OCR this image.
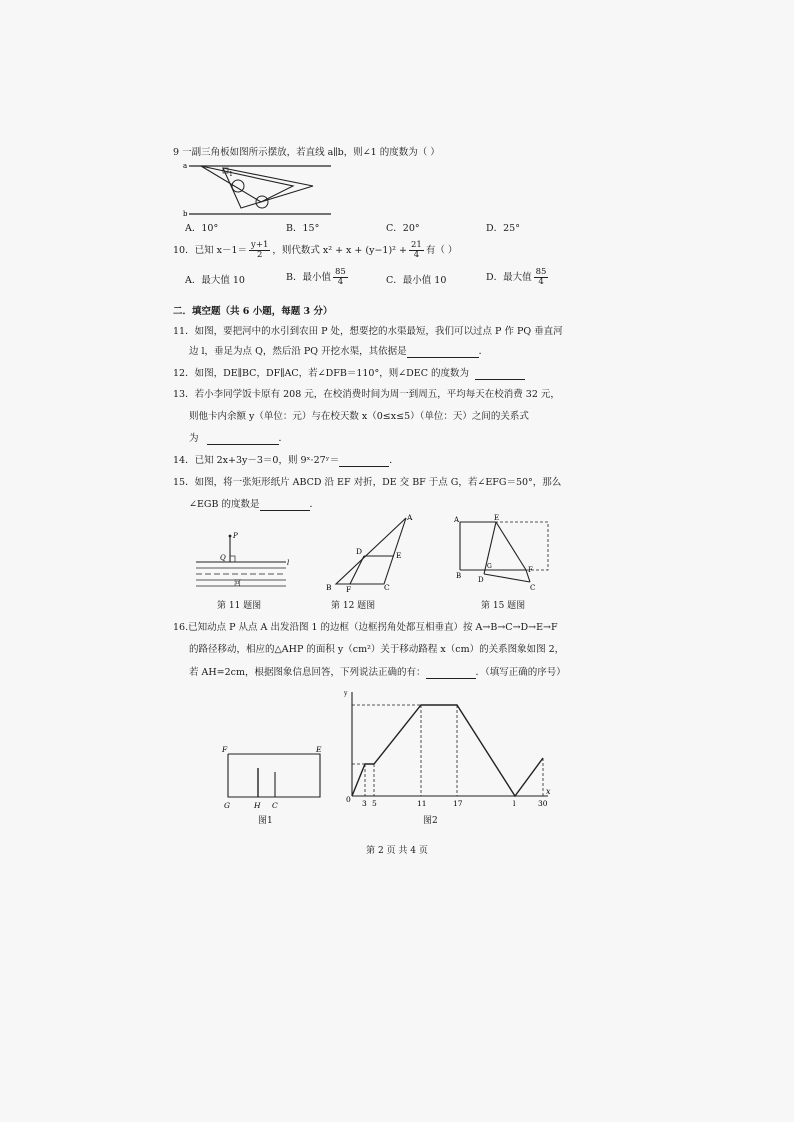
9 一副三角板如图所示摆放，若直线 a∥b，则∠1 的度数为（ ）
a
b
1
A．10°	B．15°	C．20°	D．25°
10．已知 $x-1= \frac{y+1}{2}$ ，则代数式 $x^2 + x + (y-1)^2 + \frac{21}{4}$ 有（ ）
A．最大值 10	B．最小值 $\frac{85}{4}$	C．最小值 10	D．最大值 $\frac{85}{4}$
二．填空题（共 6 小题，每题 3 分）
11．如图，要把河中的水引到农田 P 处，想要挖的水渠最短，我们可以过点 P 作 PQ 垂直河
边 l，垂足为点 Q，然后沿 PQ 开挖水渠，其依据是	．
12．如图，DE∥BC，DF∥AC，若∠DFB＝110°，则∠DEC 的度数为
13．若小李同学饭卡原有 208 元，在校消费时间为周一到周五，平均每天在校消费 32 元，
则他卡内余额 y（单位：元）与在校天数 x（0≤x≤5）（单位：天）之间的关系式
为	．
14．已知 2x+3y－3＝0，则 9ˣ·27ʸ＝	．
15．如图，将一张矩形纸片 ABCD 沿 EF 对折，DE 交 BF 于点 G，若∠EFG＝50°，那么
∠EGB 的度数是	．
P
Q
l
河
第 11 题图
A
B	C
D	E
F
第 12 题图
A	E
B
G
D
F
C
第 15 题图
16.已知动点 P 从点 A 出发沿图 1 的边框（边框拐角处都互相垂直）按 A→B→C→D→E→F
的路径移动，相应的△AHP 的面积 y（cm²）关于移动路程 x（cm）的关系图象如图 2，
若 AH=2cm，根据图象信息回答，下列说法正确的有：	．（填写正确的序号）
F	E
G	H C
图1
y
x
0 3 5	11	17	l	30
图2
第 2 页 共 4 页
